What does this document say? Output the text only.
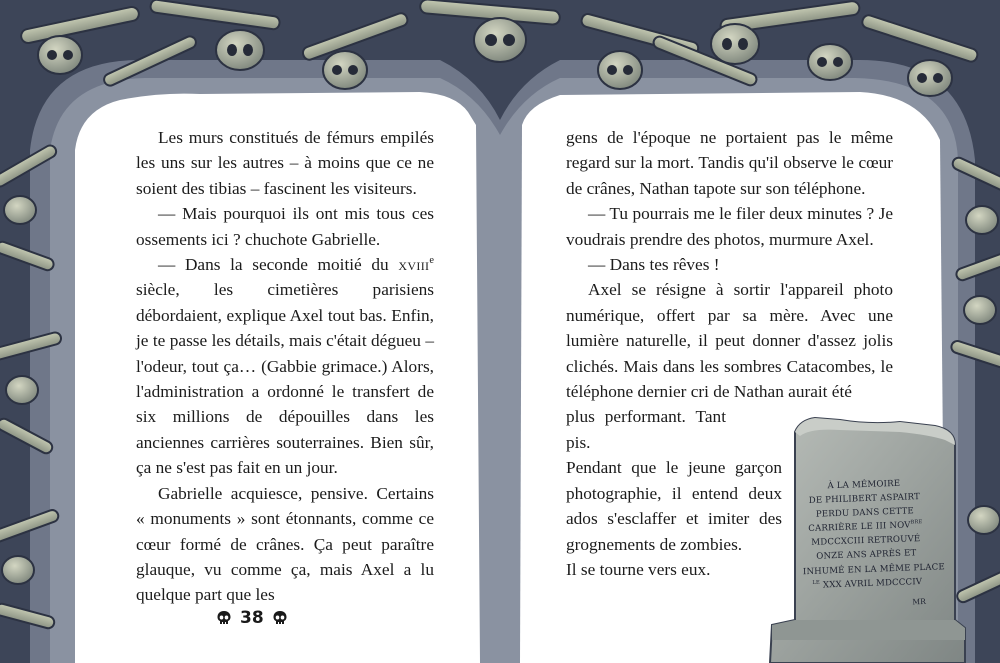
Les murs constitués de fémurs empilés les uns sur les autres – à moins que ce ne soient des tibias – fascinent les visiteurs.

— Mais pourquoi ils ont mis tous ces ossements ici ? chuchote Gabrielle.

— Dans la seconde moitié du xviii$^e$ siècle, les cimetières parisiens débordaient, explique Axel tout bas. Enfin, je te passe les détails, mais c'était dégueu – l'odeur, tout ça… (Gabbie grimace.) Alors, l'administration a ordonné le transfert de six millions de dépouilles dans les anciennes carrières souterraines. Bien sûr, ça ne s'est pas fait en un jour.

Gabrielle acquiesce, pensive. Certains « monuments » sont étonnants, comme ce cœur formé de crânes. Ça peut paraître glauque, vu comme ça, mais Axel a lu quelque part que les

gens de l'époque ne portaient pas le même regard sur la mort. Tandis qu'il observe le cœur de crânes, Nathan tapote sur son téléphone.

— Tu pourrais me le filer deux minutes ? Je voudrais prendre des photos, murmure Axel.

— Dans tes rêves !

Axel se résigne à sortir l'appareil photo numérique, offert par sa mère. Avec une lumière naturelle, il peut donner d'assez jolis clichés. Mais dans les sombres Catacombes, le téléphone dernier cri de Nathan aurait été

plus performant. Tant pis.

Pendant que le jeune garçon photographie, il entend deux ados s'esclaffer et imiter des grognements de zombies.

Il se tourne vers eux.

38
À LA MÉMOIRE
DE PHILIBERT ASPAIRT
PERDU DANS CETTE
CARRIÈRE LE III $NOV^{BRE}$
MDCCXCIII RETROUVÉ
ONZE ANS APRÈS ET
INHUMÉ EN LA MÊME PLACE
$^{LE}$ XXX AVRIL MDCCCIV
MR
